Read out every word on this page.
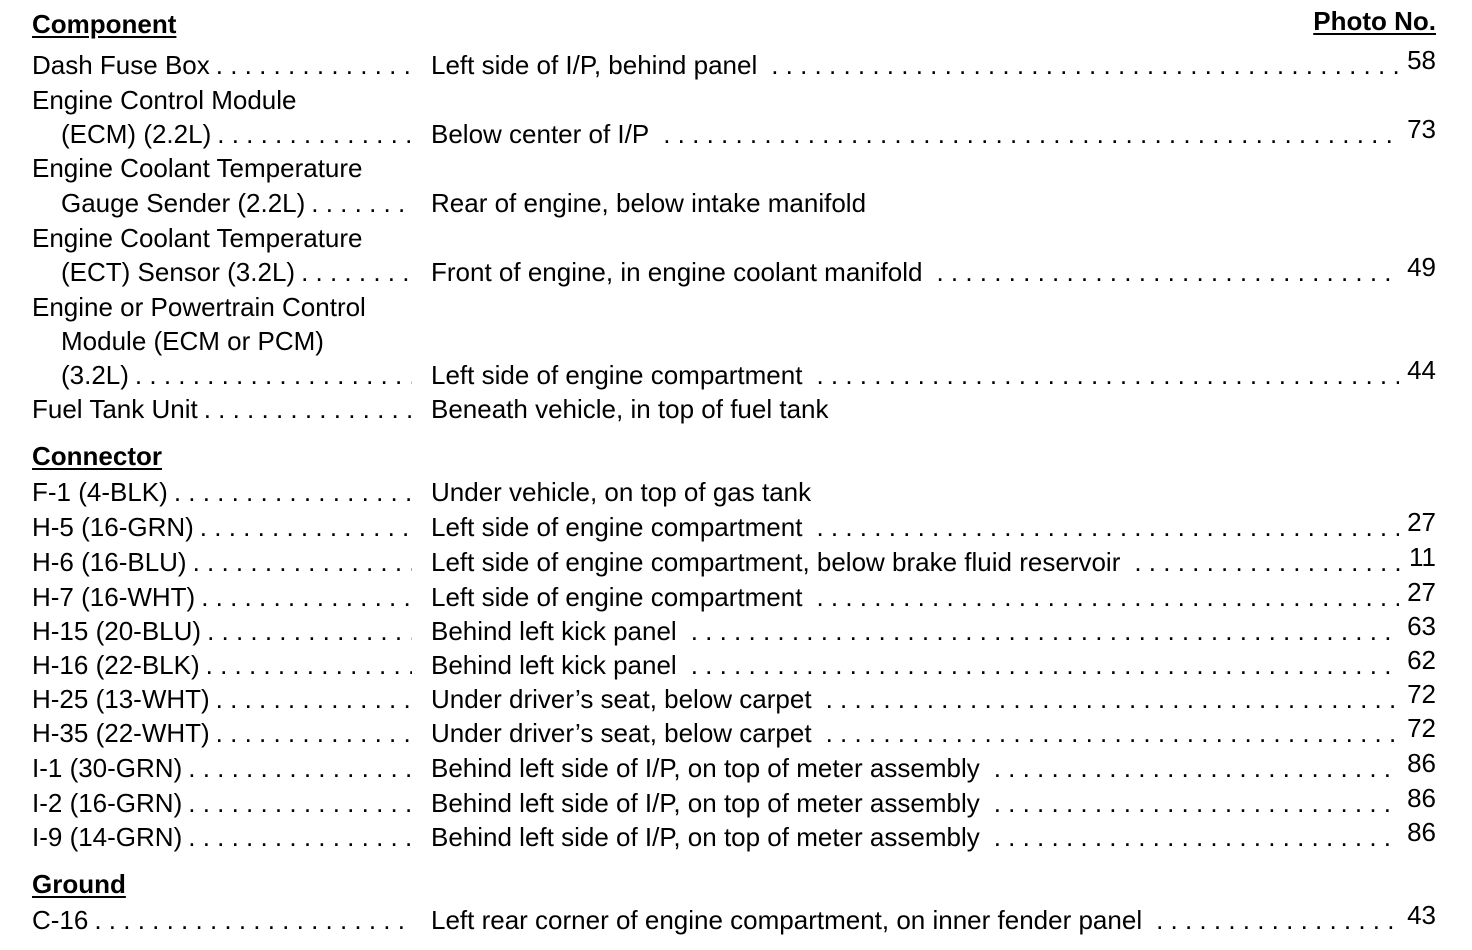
Component	Photo No.
Dash Fuse Box . . .	Left side of I/P, behind panel . . .	58
Engine Control Module
(ECM) (2.2L) . . .	Below center of I/P . . .	73
Engine Coolant Temperature
Gauge Sender (2.2L) . . .	Rear of engine, below intake manifold
Engine Coolant Temperature
(ECT) Sensor (3.2L) . . .	Front of engine, in engine coolant manifold . . .	49
Engine or Powertrain Control
Module (ECM or PCM)
(3.2L) . . .	Left side of engine compartment . . .	44
Fuel Tank Unit . . .	Beneath vehicle, in top of fuel tank
Connector
F-1 (4-BLK) . . .	Under vehicle, on top of gas tank
H-5 (16-GRN) . . .	Left side of engine compartment . . .	27
H-6 (16-BLU) . . .	Left side of engine compartment, below brake fluid reservoir . . .	11
H-7 (16-WHT) . . .	Left side of engine compartment . . .	27
H-15 (20-BLU) . . .	Behind left kick panel . . .	63
H-16 (22-BLK) . . .	Behind left kick panel . . .	62
H-25 (13-WHT) . . .	Under driver’s seat, below carpet . . .	72
H-35 (22-WHT) . . .	Under driver’s seat, below carpet . . .	72
I-1 (30-GRN) . . .	Behind left side of I/P, on top of meter assembly . . .	86
I-2 (16-GRN) . . .	Behind left side of I/P, on top of meter assembly . . .	86
I-9 (14-GRN) . . .	Behind left side of I/P, on top of meter assembly . . .	86
Ground
C-16 . . .	Left rear corner of engine compartment, on inner fender panel . . .	43
